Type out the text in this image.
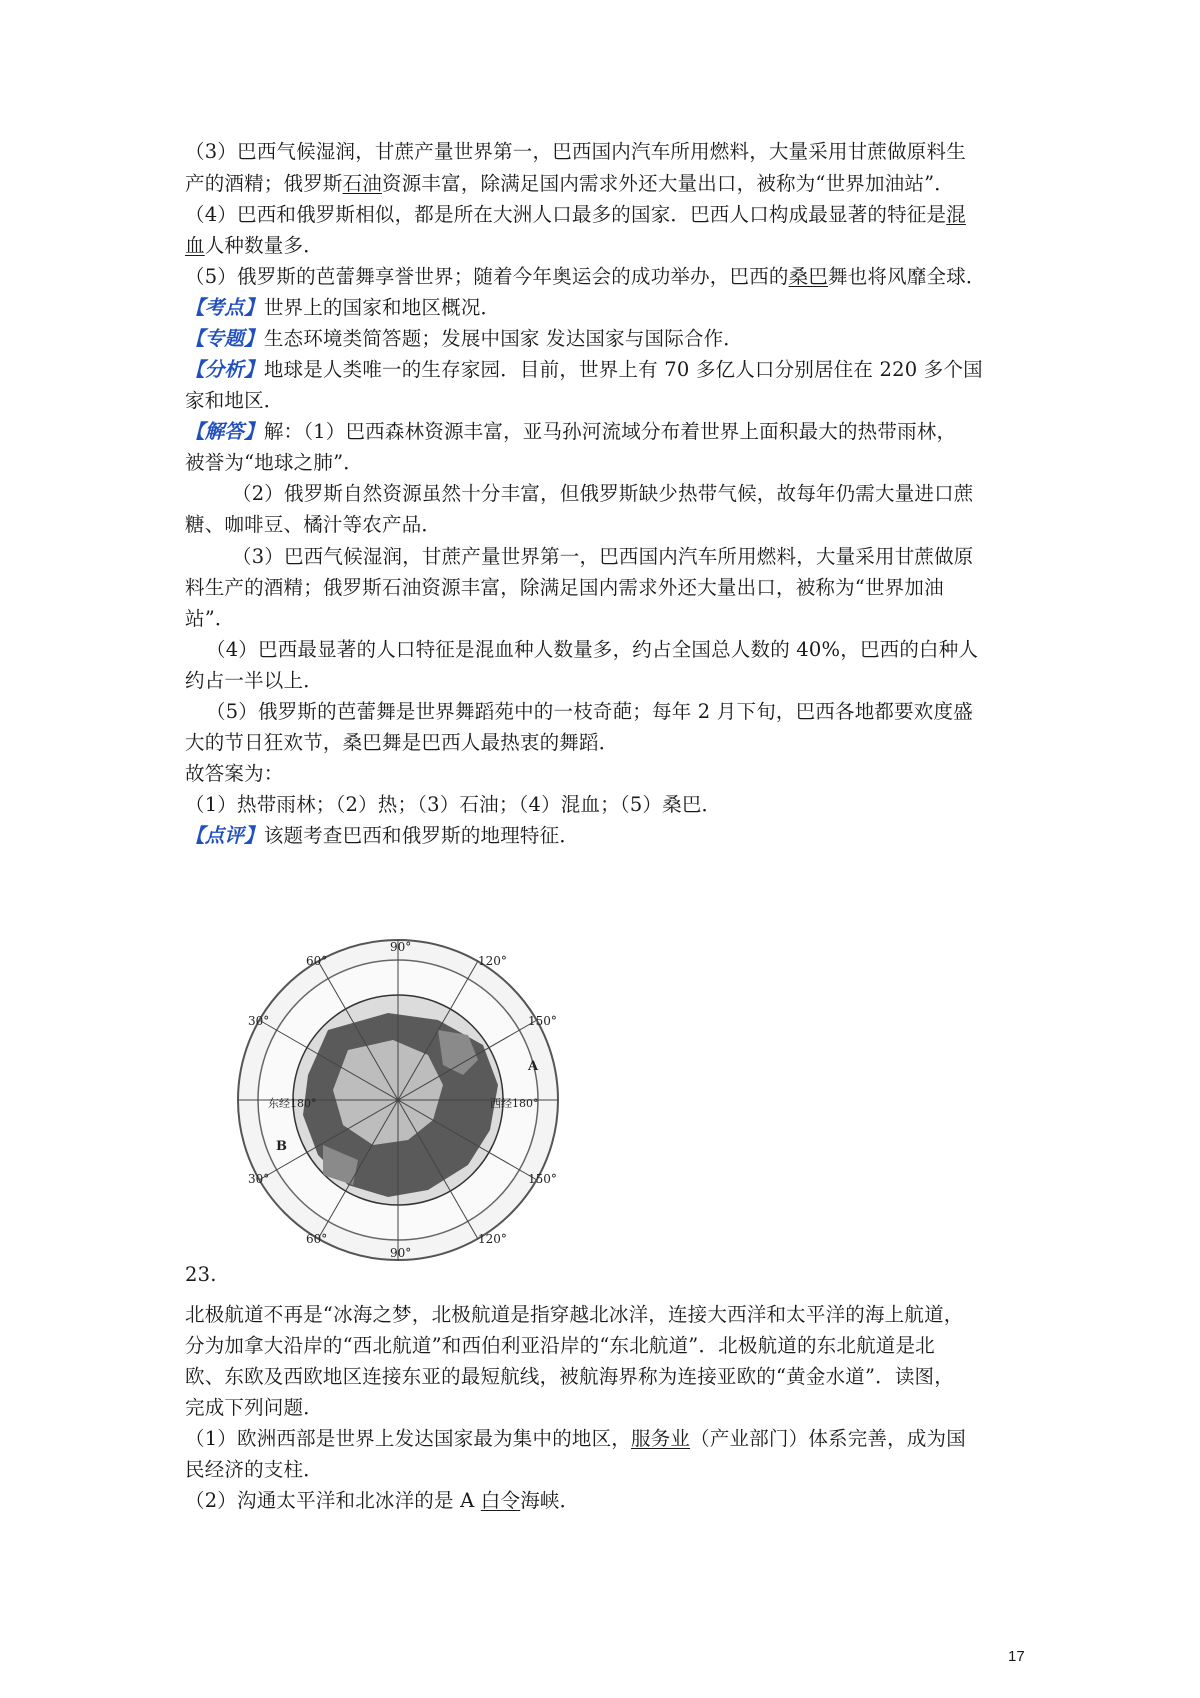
（3）巴西气候湿润，甘蔗产量世界第一，巴西国内汽车所用燃料，大量采用甘蔗做原料生
产的酒精；俄罗斯石油资源丰富，除满足国内需求外还大量出口，被称为“世界加油站”．
（4）巴西和俄罗斯相似，都是所在大洲人口最多的国家．巴西人口构成最显著的特征是混
血人种数量多．
（5）俄罗斯的芭蕾舞享誉世界；随着今年奥运会的成功举办，巴西的桑巴舞也将风靡全球．
【考点】世界上的国家和地区概况．
【专题】生态环境类简答题；发展中国家 发达国家与国际合作．
【分析】地球是人类唯一的生存家园．目前，世界上有 70 多亿人口分别居住在 220 多个国
家和地区．
【解答】解：（1）巴西森林资源丰富，亚马孙河流域分布着世界上面积最大的热带雨林，
被誉为“地球之肺”．
（2）俄罗斯自然资源虽然十分丰富，但俄罗斯缺少热带气候，故每年仍需大量进口蔗
糖、咖啡豆、橘汁等农产品．
（3）巴西气候湿润，甘蔗产量世界第一，巴西国内汽车所用燃料，大量采用甘蔗做原
料生产的酒精；俄罗斯石油资源丰富，除满足国内需求外还大量出口，被称为“世界加油
站”．
（4）巴西最显著的人口特征是混血种人数量多，约占全国总人数的 40%，巴西的白种人
约占一半以上．
（5）俄罗斯的芭蕾舞是世界舞蹈苑中的一枝奇葩；每年 2 月下旬，巴西各地都要欢度盛
大的节日狂欢节，桑巴舞是巴西人最热衷的舞蹈．
故答案为：
（1）热带雨林；（2）热；（3）石油；（4）混血；（5）桑巴．
【点评】该题考查巴西和俄罗斯的地理特征．
90°
90°
120°
150°
60°
30°
30°
60°	120°
150°
东经180°	西经180°
A
B
23.
北极航道不再是“冰海之梦，北极航道是指穿越北冰洋，连接大西洋和太平洋的海上航道，
分为加拿大沿岸的“西北航道”和西伯利亚沿岸的“东北航道”．北极航道的东北航道是北
欧、东欧及西欧地区连接东亚的最短航线，被航海界称为连接亚欧的“黄金水道”．读图，
完成下列问题．
（1）欧洲西部是世界上发达国家最为集中的地区，服务业（产业部门）体系完善，成为国
民经济的支柱．
（2）沟通太平洋和北冰洋的是 A 白令海峡．
17
